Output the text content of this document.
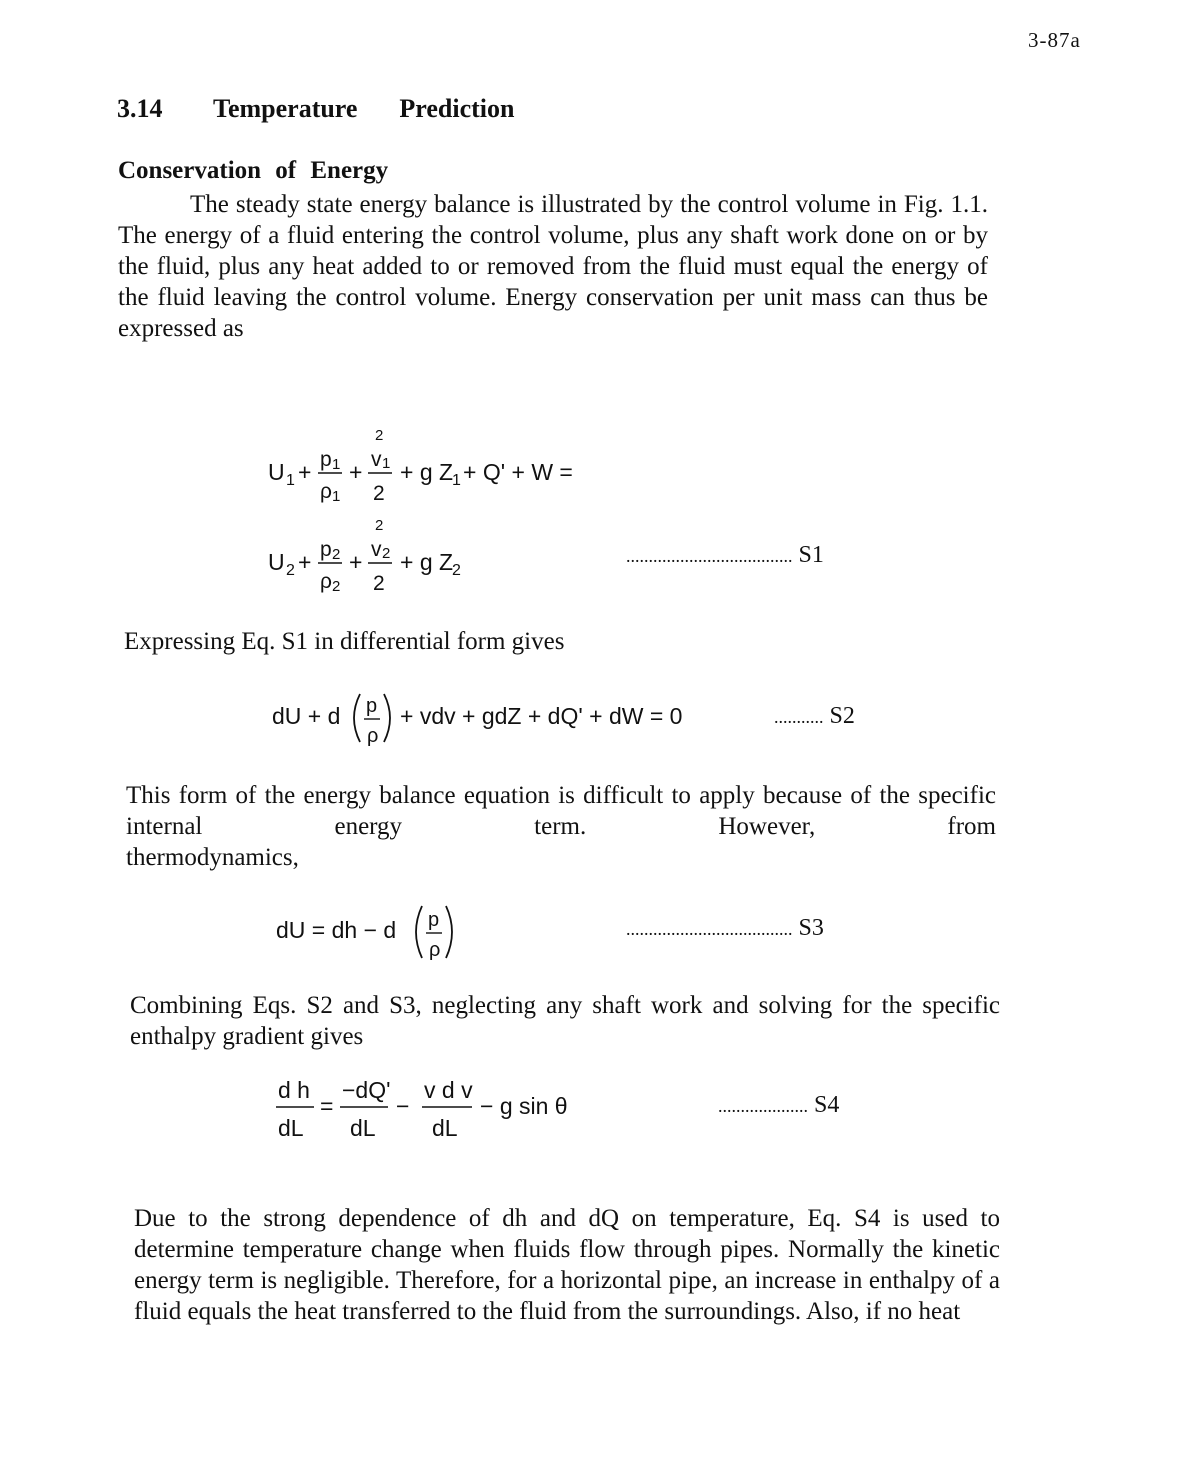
3-87a
3.14 Temperature Prediction
Conservation of Energy
The steady state energy balance is illustrated by the control volume in Fig. 1.1. The energy of a fluid entering the control volume, plus any shaft work done on or by the fluid, plus any heat added to or removed from the fluid must equal the energy of the fluid leaving the control volume. Energy conservation per unit mass can thus be expressed as
U 1 + p 1
ρ 1
+
2
v 1
2
+ g Z
1 + Q' + W =
U 2 + p 2
ρ 2
+
2
v 2
2
+ g Z
2
..................................... S1
Expressing Eq. S1 in differential form gives
dU + d p
ρ
+ vdv + gdZ + dQ' + dW = 0	........... S2
This form of the energy balance equation is difficult to apply because of the specific internal energy term. However, from
thermodynamics,
dU = dh − d p
ρ
..................................... S3
Combining Eqs. S2 and S3, neglecting any shaft work and solving for the specific enthalpy gradient gives
d h
dL
=
−dQ'
dL
−
v d v
dL
− g sin θ	.................... S4
Due to the strong dependence of dh and dQ on temperature, Eq. S4 is used to determine temperature change when fluids flow through pipes. Normally the kinetic energy term is negligible. Therefore, for a horizontal pipe, an increase in enthalpy of a fluid equals the heat transferred to the fluid from the surroundings. Also, if no heat
